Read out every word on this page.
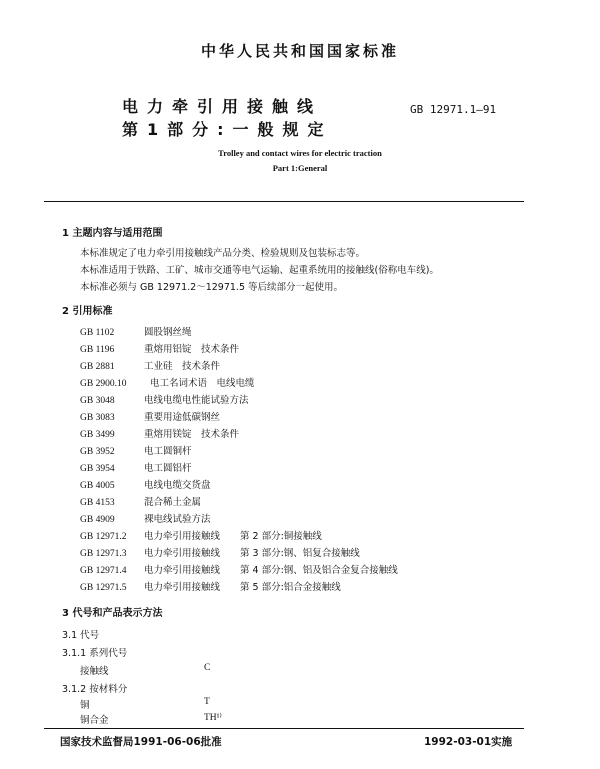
中华人民共和国国家标准
电力牵引用接触线
第1部分:一般规定
GB 12971.1—91
Trolley and contact wires for electric traction
Part 1:General
1 主题内容与适用范围
本标准规定了电力牵引用接触线产品分类、检验规则及包装标志等。
本标准适用于铁路、工矿、城市交通等电气运输、起重系统用的接触线(俗称电车线)。
本标准必须与 GB 12971.2～12971.5 等后续部分一起使用。
2 引用标准
GB 1102	圆股钢丝绳
GB 1196	重熔用铝锭　技术条件
GB 2881	工业硅　技术条件
GB 2900.10 电工名词术语　电线电缆
GB 3048	电线电缆电性能试验方法
GB 3083	重要用途低碳钢丝
GB 3499	重熔用镁锭　技术条件
GB 3952	电工圆铜杆
GB 3954	电工圆铝杆
GB 4005	电线电缆交货盘
GB 4153	混合稀土金属
GB 4909	裸电线试验方法
GB 12971.2 电力牵引用接触线 第 2 部分:铜接触线
GB 12971.3 电力牵引用接触线 第 3 部分:钢、铝复合接触线
GB 12971.4 电力牵引用接触线 第 4 部分:钢、铝及铝合金复合接触线
GB 12971.5 电力牵引用接触线 第 5 部分:铝合金接触线
3 代号和产品表示方法
3.1 代号
3.1.1 系列代号
接触线	C
3.1.2 按材料分
铜	T
铜合金	TH¹⁾
国家技术监督局1991-06-06批准	1992-03-01实施
